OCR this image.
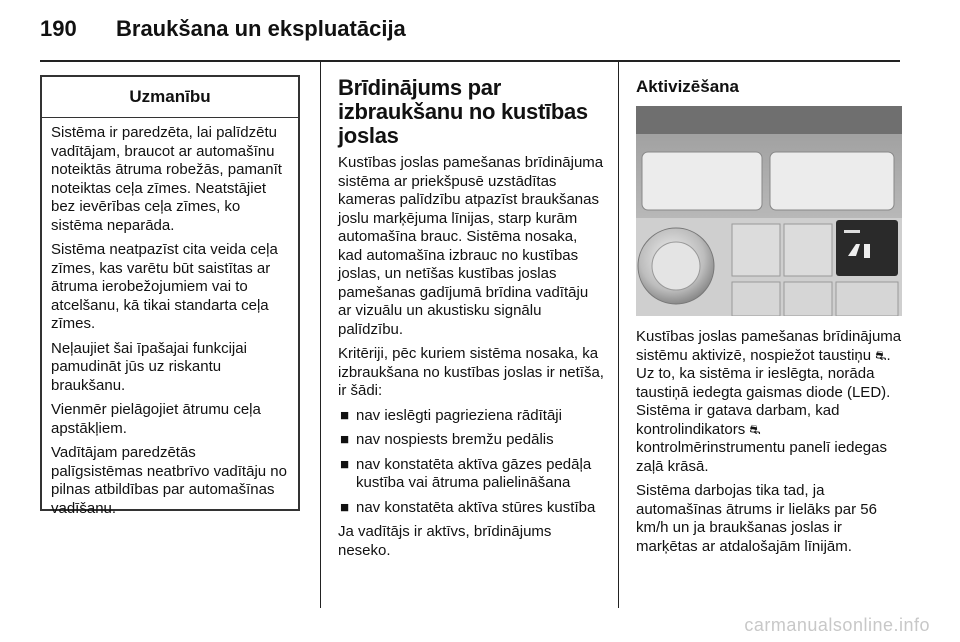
190 Braukšana un ekspluatācija
Uzmanību

Sistēma ir paredzēta, lai palīdzētu vadītājam, braucot ar automašīnu noteiktās ātruma robežās, pamanīt noteiktas ceļa zīmes. Neatstājiet bez ievērības ceļa zīmes, ko sistēma neparāda.

Sistēma neatpazīst cita veida ceļa zīmes, kas varētu būt saistītas ar ātruma ierobežojumiem vai to atcelšanu, kā tikai standarta ceļa zīmes.

Neļaujiet šai īpašajai funkcijai pamudināt jūs uz riskantu braukšanu.

Vienmēr pielāgojiet ātrumu ceļa apstākļiem.

Vadītājam paredzētās palīgsistēmas neatbrīvo vadītāju no pilnas atbildības par automašīnas vadīšanu.

Brīdinājums par izbraukšanu no kustības joslas

Kustības joslas pamešanas brīdinājuma sistēma ar priekšpusē uzstādītas kameras palīdzību atpazīst braukšanas joslu marķējuma līnijas, starp kurām automašīna brauc. Sistēma nosaka, kad automašīna izbrauc no kustības joslas, un netīšas kustības joslas pamešanas gadījumā brīdina vadītāju ar vizuālu un akustisku signālu palīdzību.

Kritēriji, pēc kuriem sistēma nosaka, ka izbraukšana no kustības joslas ir netīša, ir šādi:

■ nav ieslēgti pagrieziena rādītāji
■ nav nospiests bremžu pedālis
■ nav konstatēta aktīva gāzes pedāļa kustība vai ātruma palielināšana
■ nav konstatēta aktīva stūres kustība

Ja vadītājs ir aktīvs, brīdinājums neseko.

Aktivizēšana

Kustības joslas pamešanas brīdinājuma sistēmu aktivizē, nospiežot taustiņu ⛐. Uz to, ka sistēma ir ieslēgta, norāda taustiņā iedegta gaismas diode (LED). Sistēma ir gatava darbam, kad kontrolindikators ⛐ kontrolmērinstrumentu panelī iedegas zaļā krāsā.

Sistēma darbojas tika tad, ja automašīnas ātrums ir lielāks par 56 km/h un ja braukšanas joslas ir marķētas ar atdalošajām līnijām.

carmanualsonline.info
